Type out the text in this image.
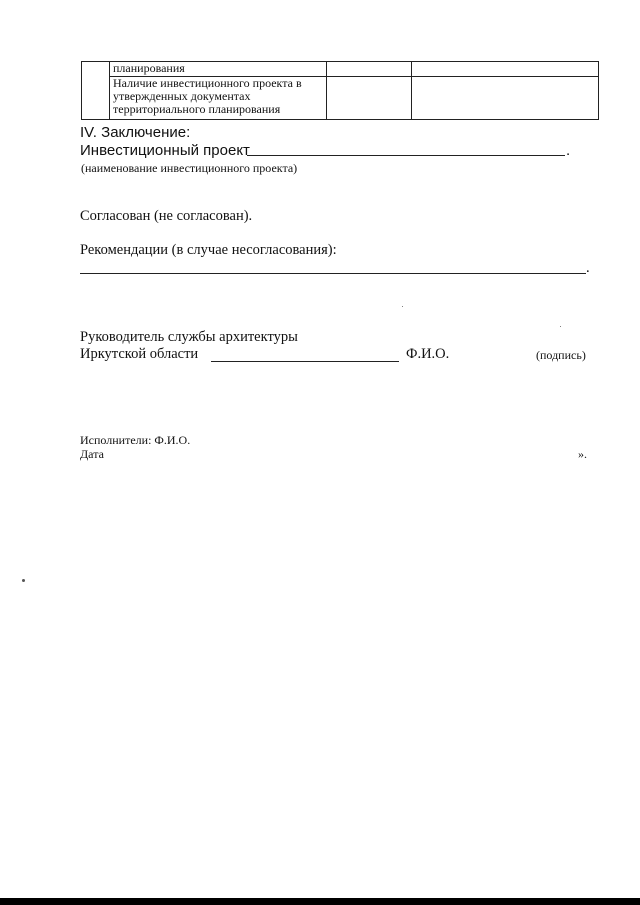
	планирования		
	Наличие инвестиционного проекта в утвержденных документах территориального планирования		
IV. Заключение:
Инвестиционный проект	.
(наименование инвестиционного проекта)
Согласован (не согласован).
Рекомендации (в случае несогласования):
.
Руководитель службы архитектуры
Иркутской области	Ф.И.О.	(подпись)
Исполнители: Ф.И.О.
Дата	».
